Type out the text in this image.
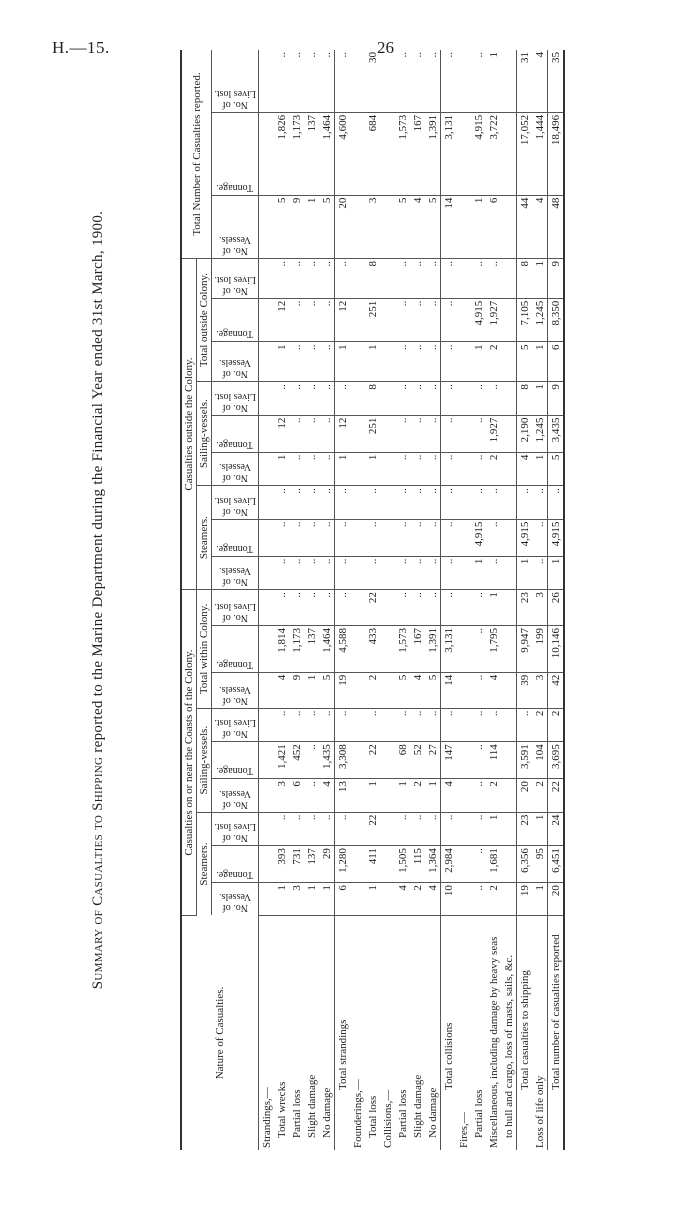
H.—15.	26
Summary of Casualties to Shipping reported to the Marine Department during the Financial Year ended 31st March, 1900.
Nature of Casualties.	Casualties on or near the Coasts of the Colony.									Casualties outside the Colony.									Total Number of Casualties reported.		
	Steamers.			Sailing-vessels.			Total within Colony.			Steamers.			Sailing-vessels.			Total outside Colony.					

	No. of Vessels.	Tonnage.	No. of Lives lost.	No. of Vessels.	Tonnage.	No. of Lives lost.	No. of Vessels.	Tonnage.	No. of Lives lost.	No. of Vessels.	Tonnage.	No. of Lives lost.	No. of Vessels.	Tonnage.	No. of Lives lost.	No. of Vessels.	Tonnage.	No. of Lives lost.	No. of Vessels.	Tonnage.	No. of Lives lost.

Strandings,—																					
Total wrecks	1	393	..	3	1,421	..	4	1,814	..	..	..	..	1	12	..	1	12	..	5	1,826	..
Partial loss	3	731	..	6	452	..	9	1,173	..	..	..	..	..	..	..	..	..	..	9	1,173	..
Slight damage	1	137	..	..	..	..	1	137	..	..	..	..	..	..	..	..	..	..	1	137	..
No damage	1	29	..	4	1,435	..	5	1,464	..	..	..	..	..	..	..	..	..	..	5	1,464	..
Total strandings	6	1,280	..	13	3,308	..	19	4,588	..	..	..	..	1	12	..	1	12	..	20	4,600	..
Founderings,—																					
Total loss	1	411	22	1	22	..	2	433	22	..	..	..	1	251	8	1	251	8	3	684	30
Collisions,—																					
Partial loss	4	1,505	..	1	68	..	5	1,573	..	..	..	..	..	..	..	..	..	..	5	1,573	..
Slight damage	2	115	..	2	52	..	4	167	..	..	..	..	..	..	..	..	..	..	4	167	..
No damage	4	1,364	..	1	27	..	5	1,391	..	..	..	..	..	..	..	..	..	..	5	1,391	..
Total collisions	10	2,984	..	4	147	..	14	3,131	..	..	..	..	..	..	..	..	..	..	14	3,131	..
Fires,—																					
Partial loss	..	..	..	..	..	..	..	..	..	1	4,915	..	..	..	..	1	4,915	..	1	4,915	..
Miscellaneous, including damage by heavy seas	2	1,681	1	2	114	..	4	1,795	1	..	..	..	2	1,927	..	2	1,927	..	6	3,722	1
to hull and cargo, loss of masts, sails, &c.																					
Total casualties to shipping	19	6,356	23	20	3,591	..	39	9,947	23	1	4,915	..	4	2,190	8	5	7,105	8	44	17,052	31
Loss of life only	1	95	1	2	104	2	3	199	3	..	..	..	1	1,245	1	1	1,245	1	4	1,444	4
Total number of casualties reported	20	6,451	24	22	3,695	2	42	10,146	26	1	4,915	..	5	3,435	9	6	8,350	9	48	18,496	35
